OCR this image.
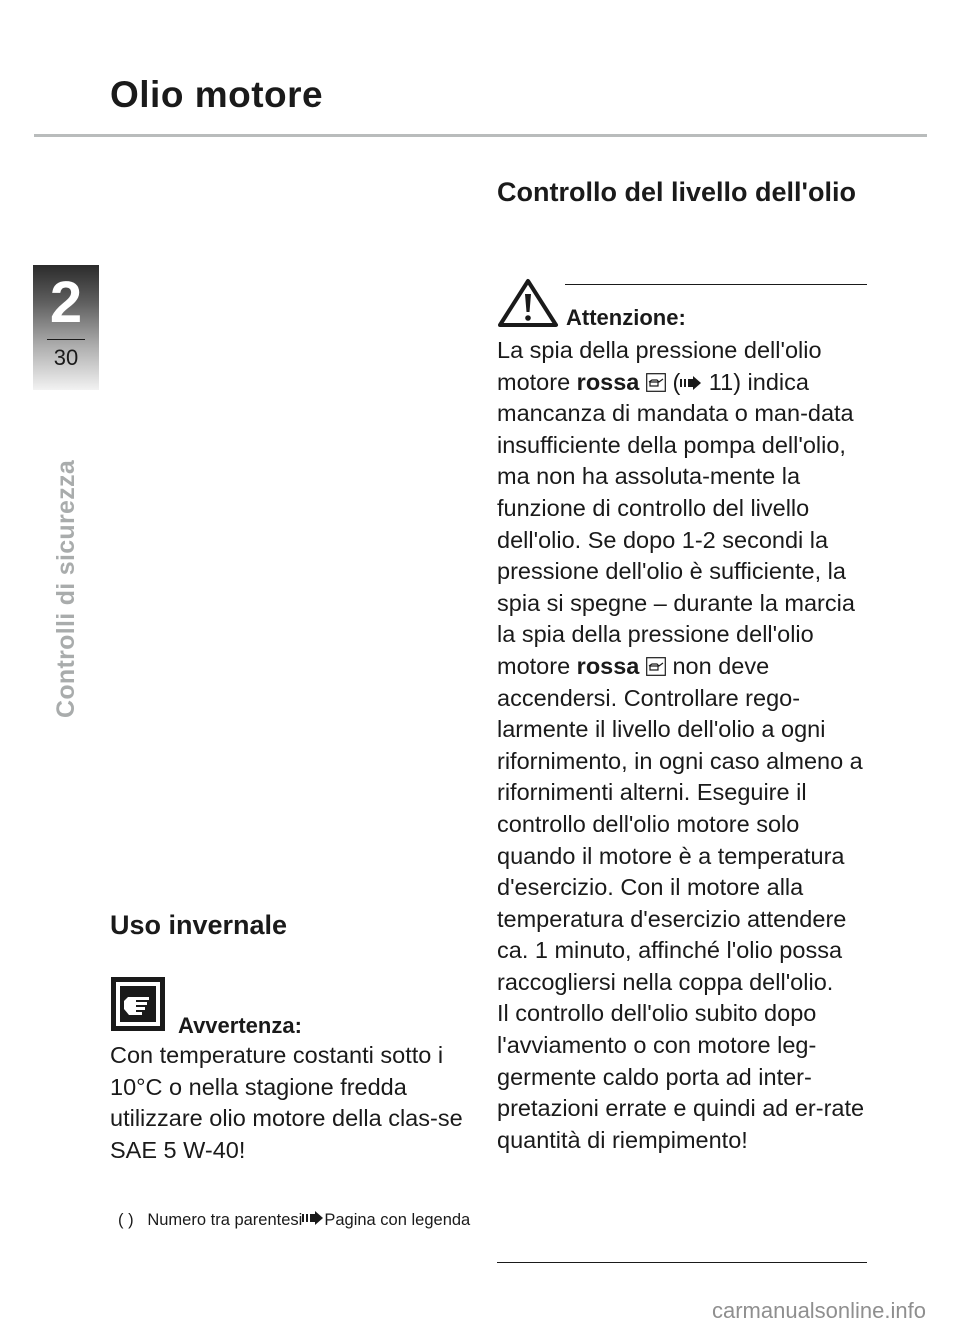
Olio motore
2
30
Controlli di sicurezza
Uso invernale
Avvertenza:

Con temperature costanti sotto i 10°C o nella stagione fredda utilizzare olio motore della clas-se SAE 5 W-40!

( ) Numero tra parentesi Pagina con legenda
Controllo del livello dell'olio
Attenzione:

La spia della pressione dell'olio motore rossa  ( 11) indica mancanza di mandata o man-data insufficiente della pompa dell'olio, ma non ha assoluta-mente la funzione di controllo del livello dell'olio. Se dopo 1-2 secondi la pressione dell'olio è sufficiente, la spia si spegne – durante la marcia la spia della pressione dell'olio motore rossa  non deve accendersi. Controllare rego-larmente il livello dell'olio a ogni rifornimento, in ogni caso almeno a rifornimenti alterni. Eseguire il controllo dell'olio motore solo quando il motore è a temperatura d'esercizio. Con il motore alla temperatura d'esercizio attendere ca. 1 minuto, affinché l'olio possa raccogliersi nella coppa dell'olio.
Il controllo dell'olio subito dopo l'avviamento o con motore leg-germente caldo porta ad inter-pretazioni errate e quindi ad er-rate quantità di riempimento!

carmanualsonline.info
